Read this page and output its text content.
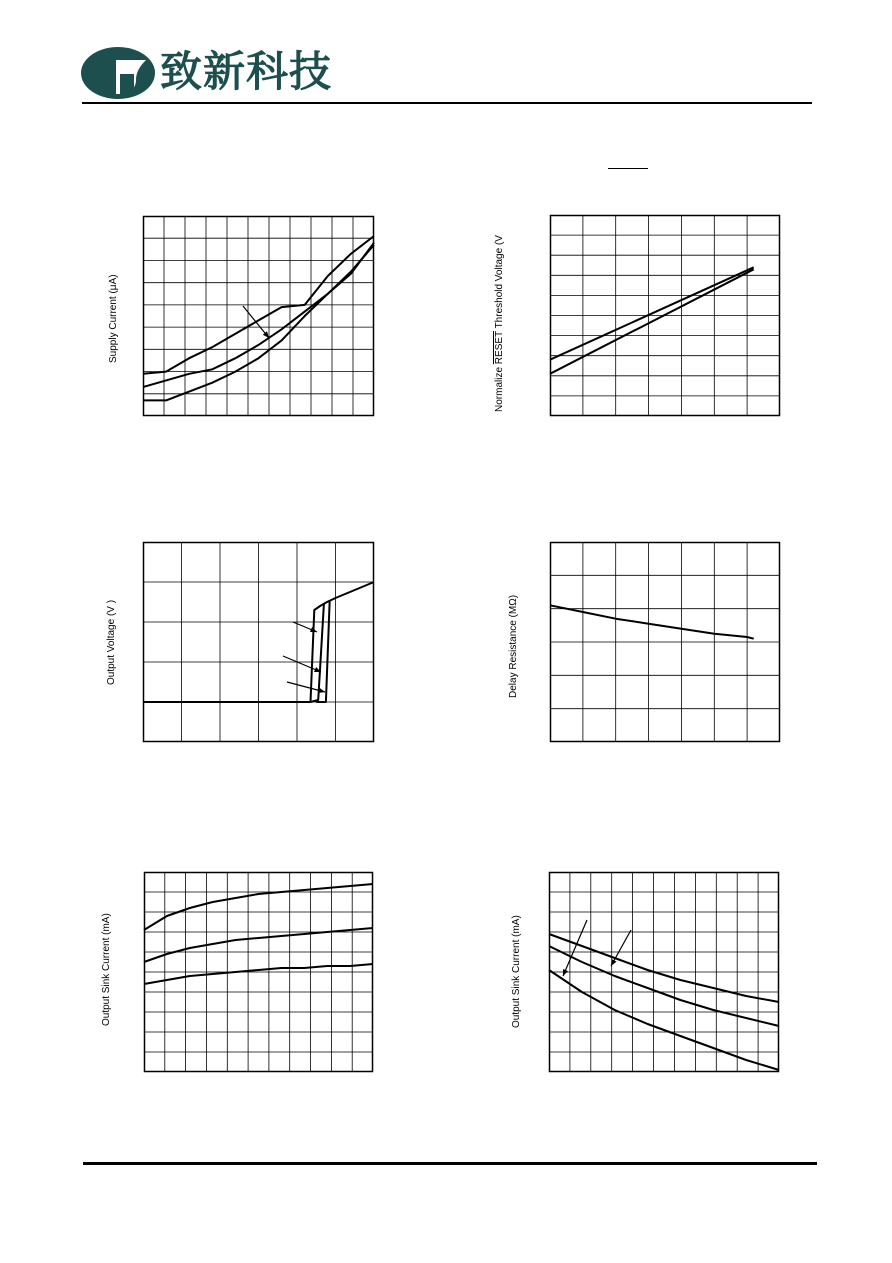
致新科技
Supply Current (μA)
Normalize RESET Threshold Voltage (V
Output Voltage (V )	Delay Resistance (MΩ)
Output Sink Current (mA)	Output Sink Current (mA)
